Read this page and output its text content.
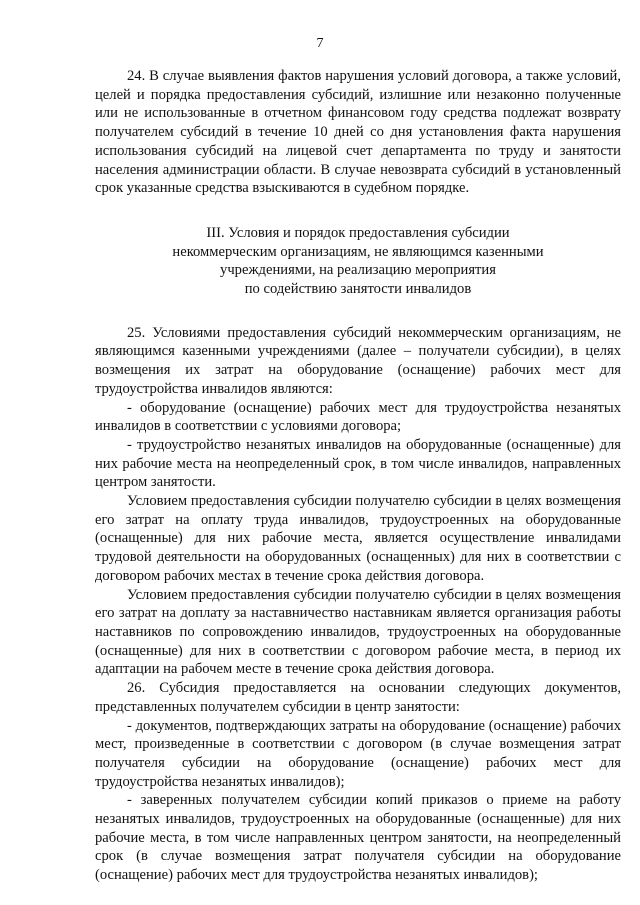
7

24. В случае выявления фактов нарушения условий договора, а также условий, целей и порядка предоставления субсидий, излишние или незаконно полученные или не использованные в отчетном финансовом году средства подлежат возврату получателем субсидий в течение 10 дней со дня установления факта нарушения использования субсидий на лицевой счет департамента по труду и занятости населения администрации области. В случае невозврата субсидий в установленный срок указанные средства взыскиваются в судебном порядке.

III. Условия и порядок предоставления субсидии
некоммерческим организациям, не являющимся казенными
учреждениями, на реализацию мероприятия
по содействию занятости инвалидов

25. Условиями предоставления субсидий некоммерческим организациям, не являющимся казенными учреждениями (далее – получатели субсидии), в целях возмещения их затрат на оборудование (оснащение) рабочих мест для трудоустройства инвалидов являются:

- оборудование (оснащение) рабочих мест для трудоустройства незанятых инвалидов в соответствии с условиями договора;

- трудоустройство незанятых инвалидов на оборудованные (оснащенные) для них рабочие места на неопределенный срок, в том числе инвалидов, направленных центром занятости.

Условием предоставления субсидии получателю субсидии в целях возмещения его затрат на оплату труда инвалидов, трудоустроенных на оборудованные (оснащенные) для них рабочие места, является осуществление инвалидами трудовой деятельности на оборудованных (оснащенных) для них в соответствии с договором рабочих местах в течение срока действия договора.

Условием предоставления субсидии получателю субсидии в целях возмещения его затрат на доплату за наставничество наставникам является организация работы наставников по сопровождению инвалидов, трудоустроенных на оборудованные (оснащенные) для них в соответствии с договором рабочие места, в период их адаптации на рабочем месте в течение срока действия договора.

26. Субсидия предоставляется на основании следующих документов, представленных получателем субсидии в центр занятости:

- документов, подтверждающих затраты на оборудование (оснащение) рабочих мест, произведенные в соответствии с договором (в случае возмещения затрат получателя субсидии на оборудование (оснащение) рабочих мест для трудоустройства незанятых инвалидов);

- заверенных получателем субсидии копий приказов о приеме на работу незанятых инвалидов, трудоустроенных на оборудованные (оснащенные) для них рабочие места, в том числе направленных центром занятости, на неопределенный срок (в случае возмещения затрат получателя субсидии на оборудование (оснащение) рабочих мест для трудоустройства незанятых инвалидов);
